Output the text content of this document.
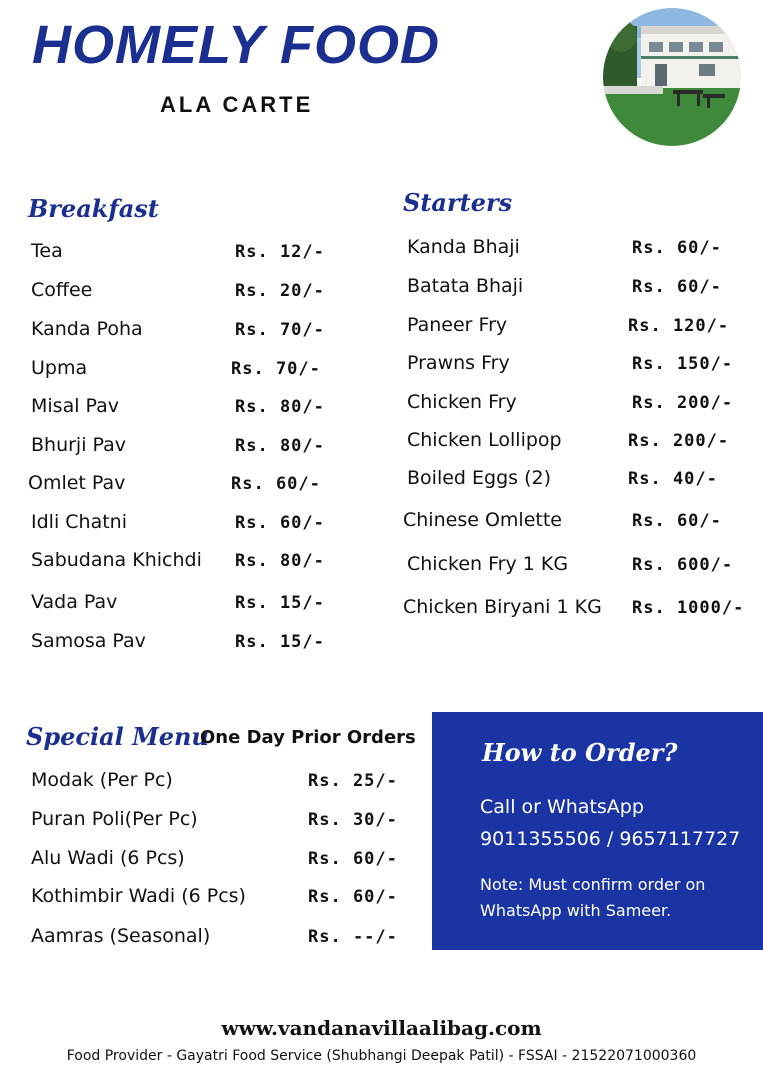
HOMELY FOOD
ALA CARTE
Breakfast
Tea	Rs. 12/-
Coffee	Rs. 20/-
Kanda Poha	Rs. 70/-
Upma	Rs. 70/-
Misal Pav	Rs. 80/-
Bhurji Pav	Rs. 80/-
Omlet Pav	Rs. 60/-
Idli Chatni	Rs. 60/-
Sabudana Khichdi Rs. 80/-
Vada Pav	Rs. 15/-
Samosa Pav	Rs. 15/-
Starters
Kanda Bhaji	Rs. 60/-
Batata Bhaji	Rs. 60/-
Paneer Fry	Rs. 120/-
Prawns Fry	Rs. 150/-
Chicken Fry	Rs. 200/-
Chicken Lollipop	Rs. 200/-
Boiled Eggs (2)	Rs. 40/-
Chinese Omlette	Rs. 60/-
Chicken Fry 1 KG	Rs. 600/-
Chicken Biryani 1 KG Rs. 1000/-
Special Menu
One Day Prior Orders
Modak (Per Pc)	Rs. 25/-
Puran Poli(Per Pc)	Rs. 30/-
Alu Wadi (6 Pcs)	Rs. 60/-
Kothimbir Wadi (6 Pcs)	Rs. 60/-
Aamras (Seasonal)	Rs. --/-
How to Order?
Call or WhatsApp
9011355506 / 9657117727
Note: Must confirm order on WhatsApp with Sameer.
www.vandanavillaalibag.com
Food Provider - Gayatri Food Service (Shubhangi Deepak Patil) - FSSAI - 21522071000360
